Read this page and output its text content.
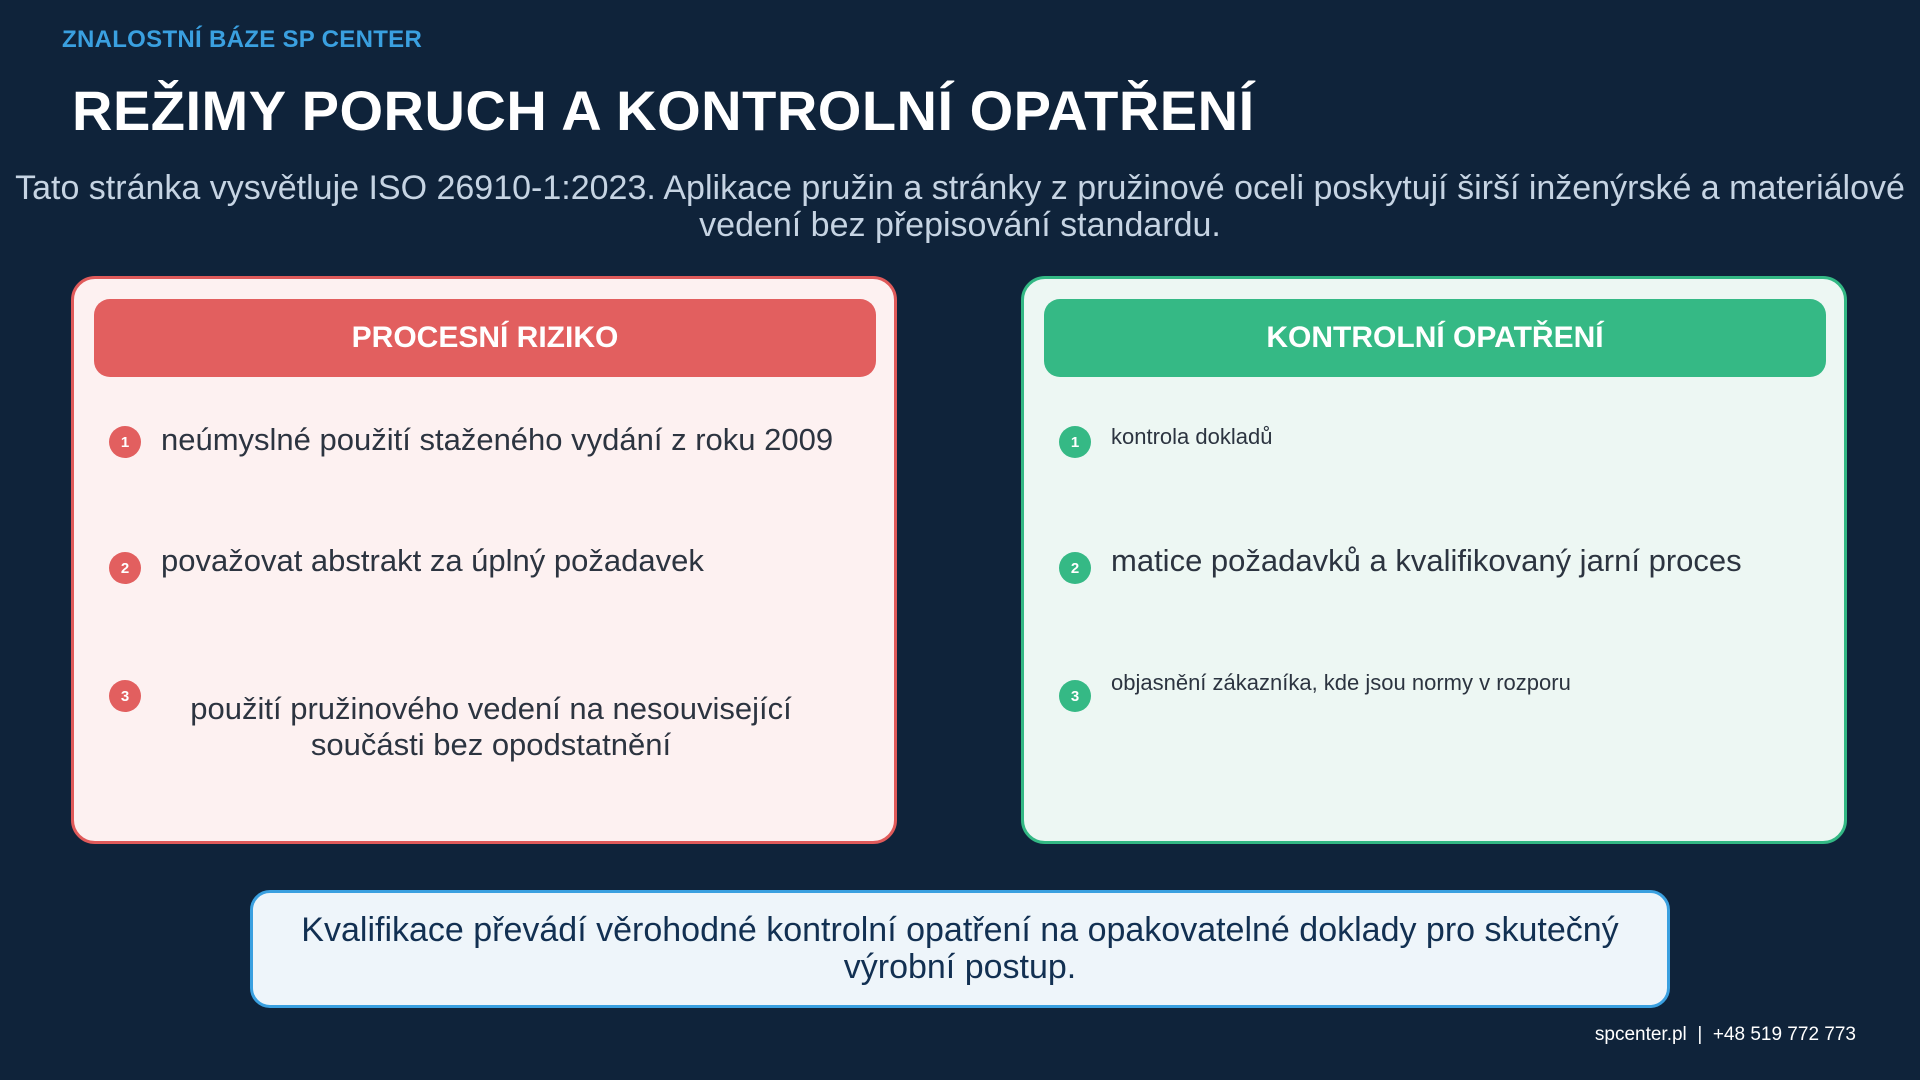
ZNALOSTNÍ BÁZE SP CENTER
REŽIMY PORUCH A KONTROLNÍ OPATŘENÍ
Tato stránka vysvětluje ISO 26910-1:2023. Aplikace pružin a stránky z pružinové oceli poskytují širší inženýrské a materiálové vedení bez přepisování standardu.
PROCESNÍ RIZIKO
1	neúmyslné použití staženého vydání z roku 2009
2	považovat abstrakt za úplný požadavek
3	použití pružinového vedení na nesouvisející součásti bez opodstatnění
KONTROLNÍ OPATŘENÍ
1	kontrola dokladů
2	matice požadavků a kvalifikovaný jarní proces
3
objasnění zákazníka, kde jsou normy v rozporu
Kvalifikace převádí věrohodné kontrolní opatření na opakovatelné doklady pro skutečný výrobní postup.
spcenter.pl  |  +48 519 772 773
